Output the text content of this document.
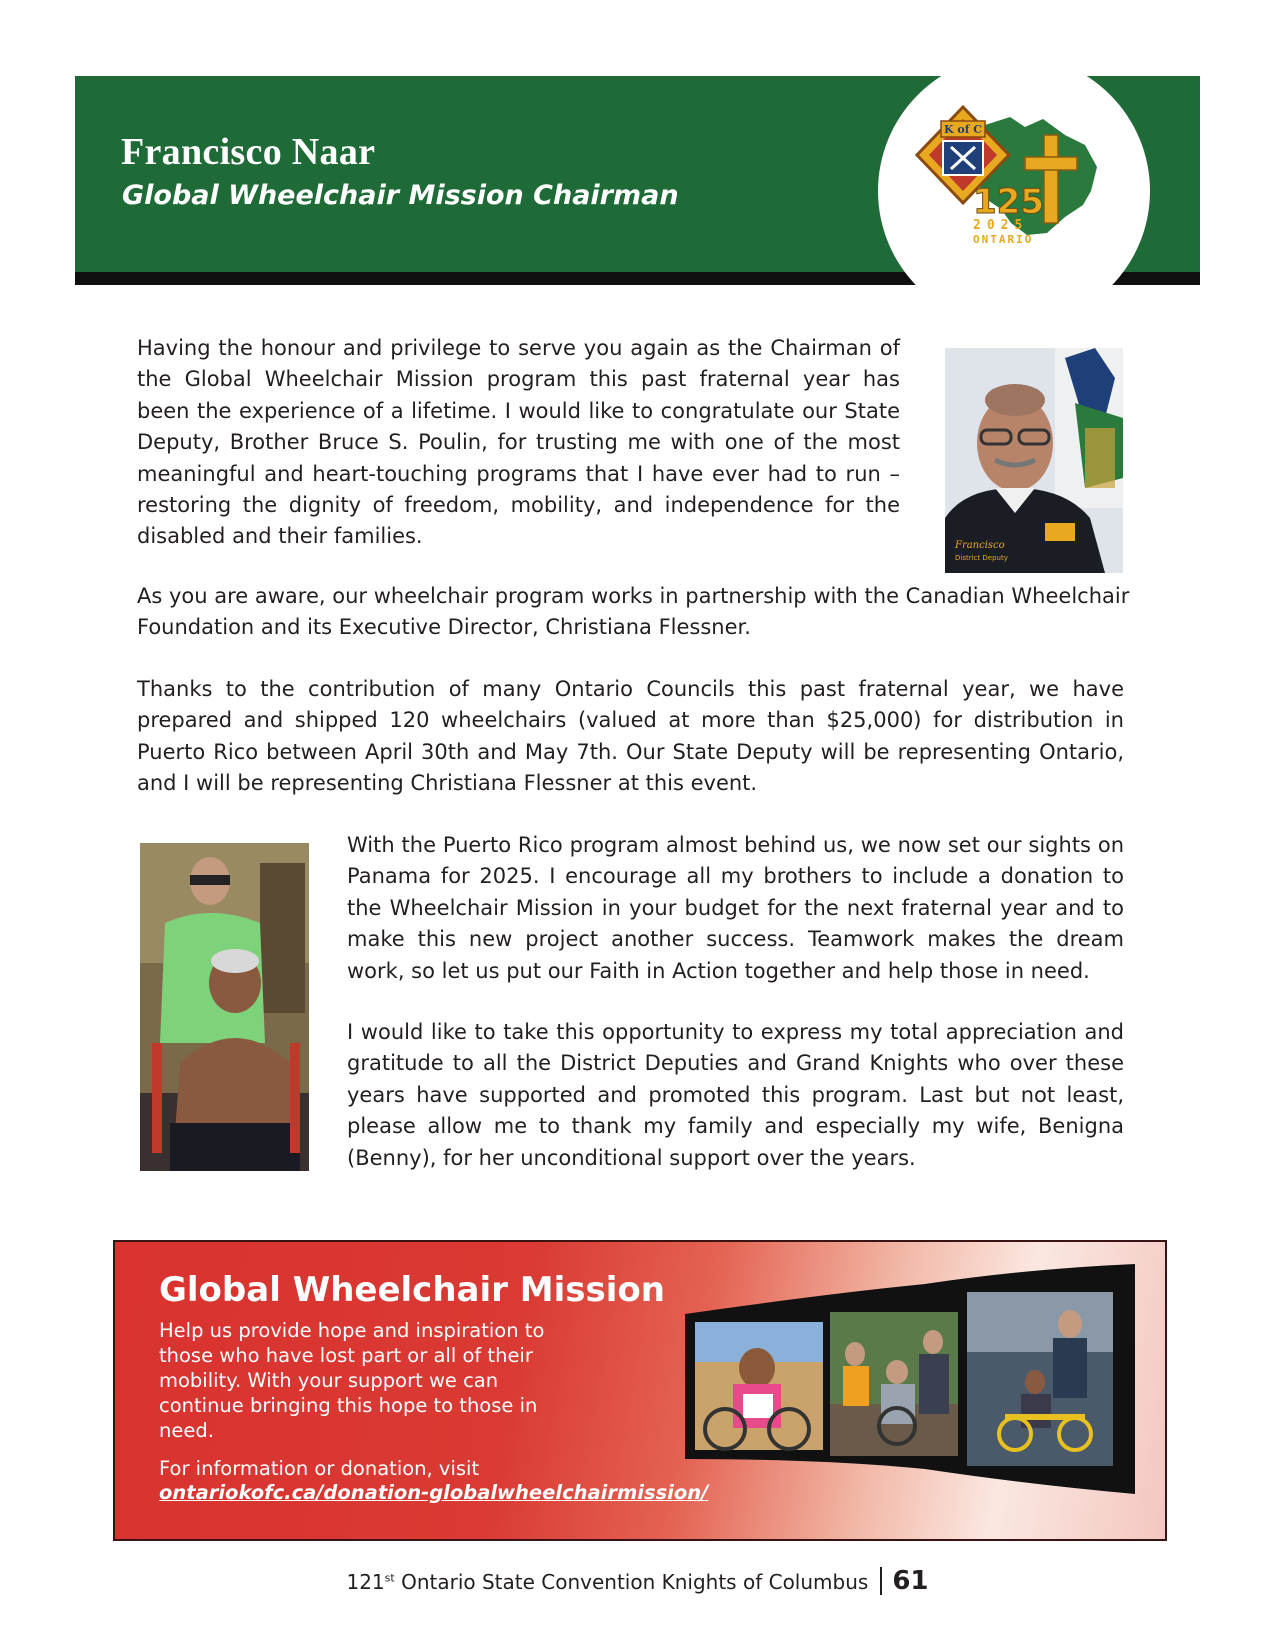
Francisco Naar
Global Wheelchair Mission Chairman
K of C
125
2025
ONTARIO

Having the honour and privilege to serve you again as the Chairman of the Global Wheelchair Mission program this past fraternal year has been the experience of a lifetime. I would like to congratulate our State Deputy, Brother Bruce S. Poulin, for trusting me with one of the most meaningful and heart-touching programs that I have ever had to run – restoring the dignity of freedom, mobility, and independence for the disabled and their families.	Francisco
District Deputy

As you are aware, our wheelchair program works in partnership with the Canadian Wheelchair Foundation and its Executive Director, Christiana Flessner.

Thanks to the contribution of many Ontario Councils this past fraternal year, we have prepared and shipped 120 wheelchairs (valued at more than $25,000) for distribution in Puerto Rico between April 30th and May 7th. Our State Deputy will be representing Ontario, and I will be representing Christiana Flessner at this event.

With the Puerto Rico program almost behind us, we now set our sights on Panama for 2025. I encourage all my brothers to include a donation to the Wheelchair Mission in your budget for the next fraternal year and to make this new project another success. Teamwork makes the dream work, so let us put our Faith in Action together and help those in need.

I would like to take this opportunity to express my total appreciation and gratitude to all the District Deputies and Grand Knights who over these years have supported and promoted this program. Last but not least, please allow me to thank my family and especially my wife, Benigna (Benny), for her unconditional support over the years.

Global Wheelchair Mission

Help us provide hope and inspiration to those who have lost part or all of their mobility. With your support we can continue bringing this hope to those in need.

For information or donation, visit

ontariokofc.ca/donation-globalwheelchairmission/
121st Ontario State Convention Knights of Columbus 61
